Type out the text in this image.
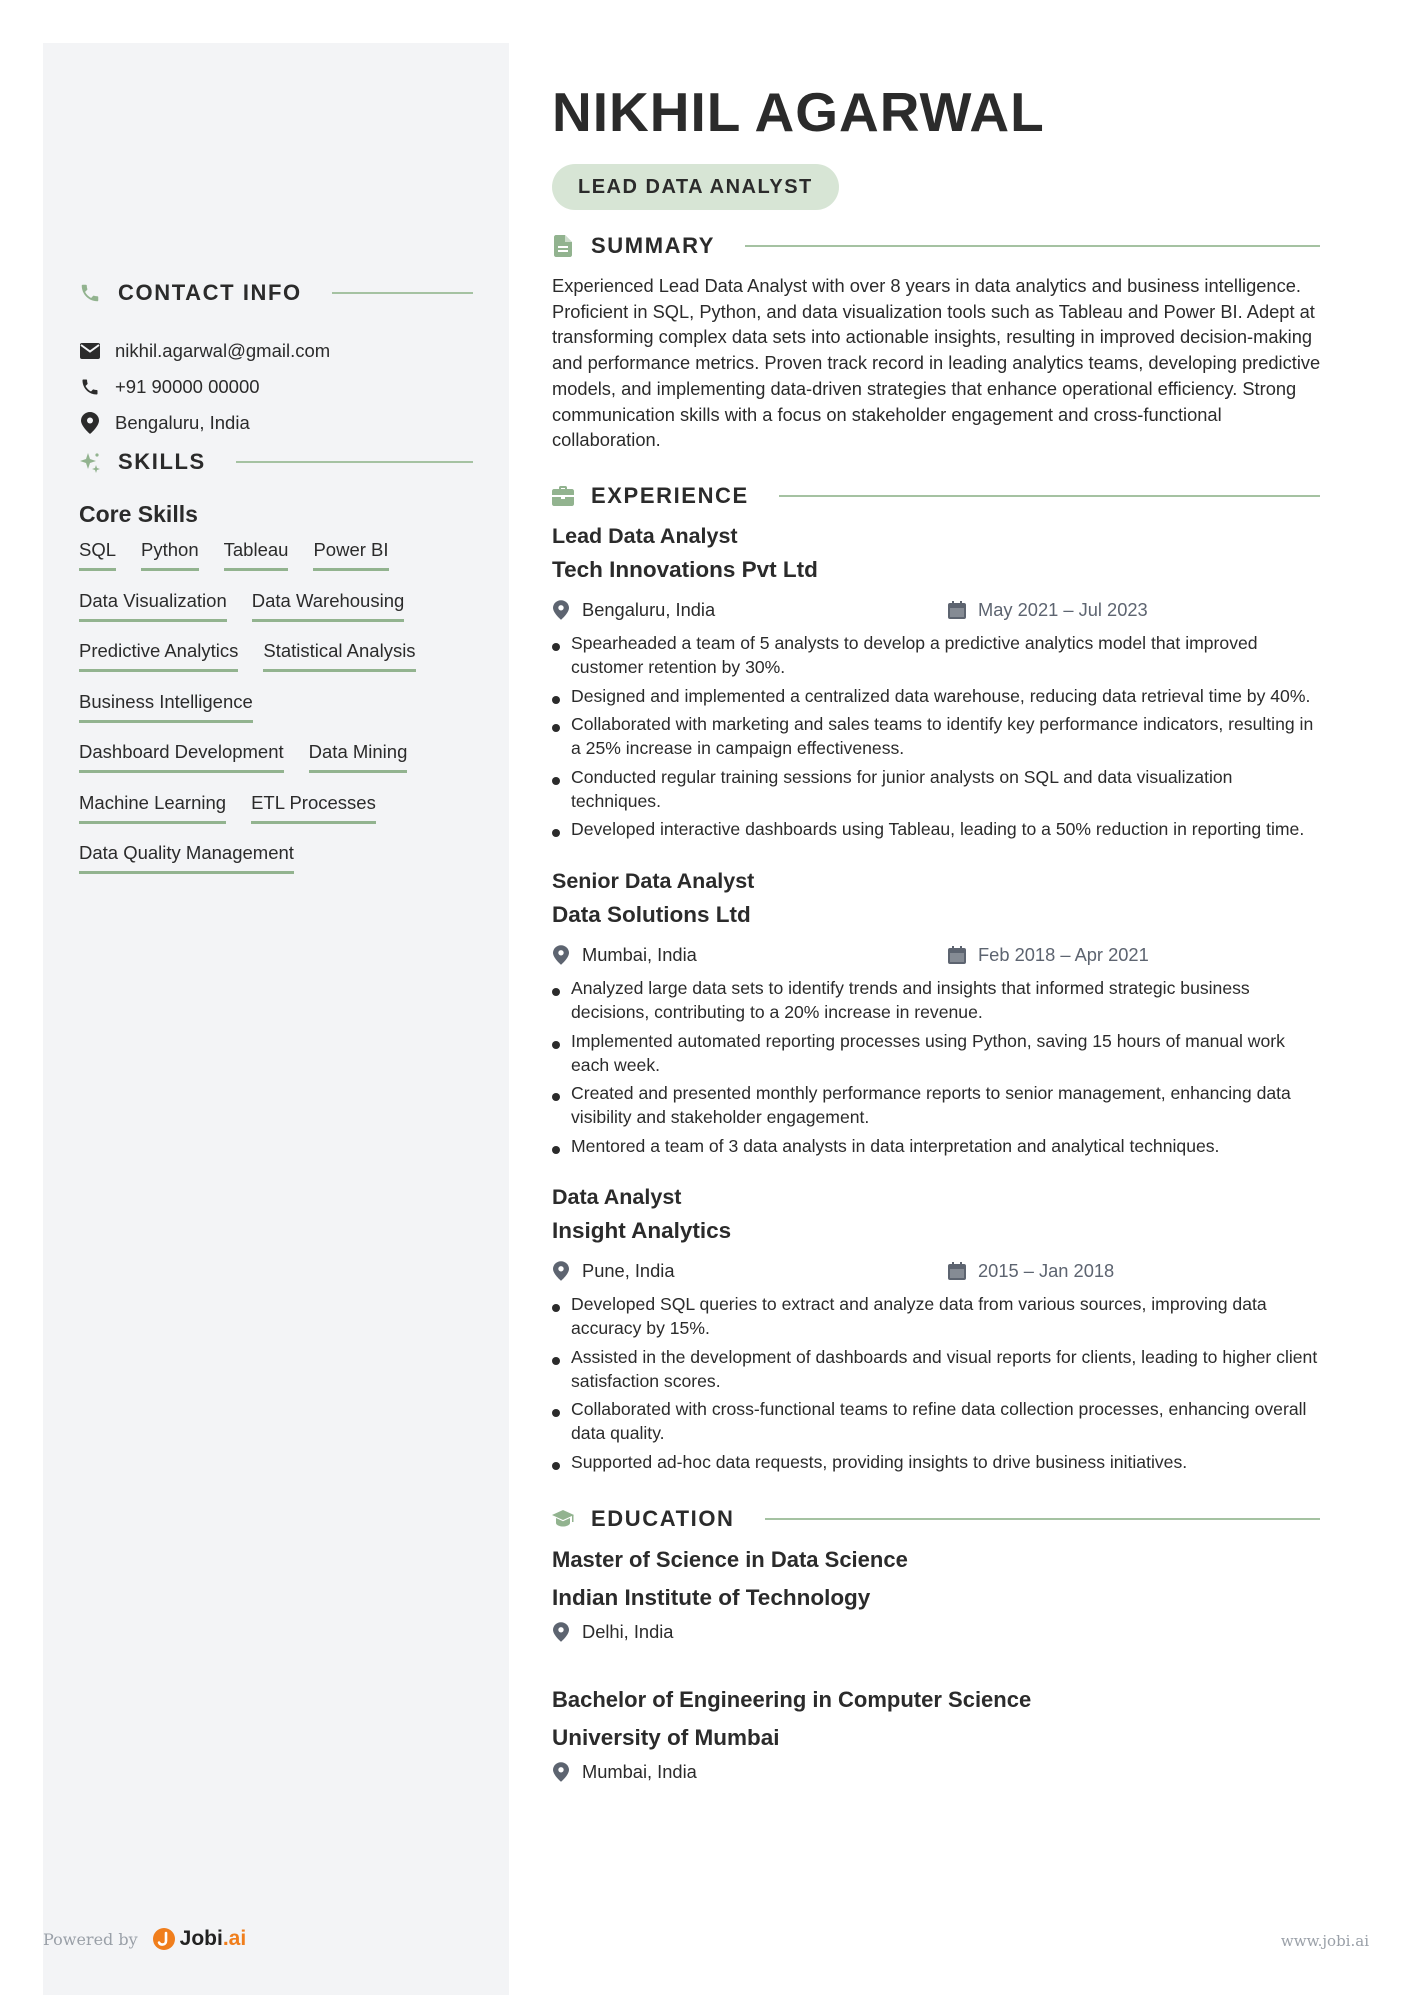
CONTACT INFO
nikhil.agarwal@gmail.com
+91 90000 00000
Bengaluru, India
SKILLS
Core Skills
SQL Python Tableau Power BI
Data Visualization Data Warehousing
Predictive Analytics Statistical Analysis
Business Intelligence
Dashboard Development Data Mining
Machine Learning ETL Processes
Data Quality Management
NIKHIL AGARWAL
LEAD DATA ANALYST
SUMMARY

Experienced Lead Data Analyst with over 8 years in data analytics and business intelligence. Proficient in SQL, Python, and data visualization tools such as Tableau and Power BI. Adept at transforming complex data sets into actionable insights, resulting in improved decision-making and performance metrics. Proven track record in leading analytics teams, developing predictive models, and implementing data-driven strategies that enhance operational efficiency. Strong communication skills with a focus on stakeholder engagement and cross-functional collaboration.

EXPERIENCE
Lead Data Analyst
Tech Innovations Pvt Ltd
Bengaluru, India	May 2021 – Jul 2023
Spearheaded a team of 5 analysts to develop a predictive analytics model that improved customer retention by 30%.
Designed and implemented a centralized data warehouse, reducing data retrieval time by 40%.
Collaborated with marketing and sales teams to identify key performance indicators, resulting in a 25% increase in campaign effectiveness.
Conducted regular training sessions for junior analysts on SQL and data visualization techniques.
Developed interactive dashboards using Tableau, leading to a 50% reduction in reporting time.
Senior Data Analyst
Data Solutions Ltd
Mumbai, India	Feb 2018 – Apr 2021
Analyzed large data sets to identify trends and insights that informed strategic business decisions, contributing to a 20% increase in revenue.
Implemented automated reporting processes using Python, saving 15 hours of manual work each week.
Created and presented monthly performance reports to senior management, enhancing data visibility and stakeholder engagement.
Mentored a team of 3 data analysts in data interpretation and analytical techniques.
Data Analyst
Insight Analytics
Pune, India	2015 – Jan 2018
Developed SQL queries to extract and analyze data from various sources, improving data accuracy by 15%.
Assisted in the development of dashboards and visual reports for clients, leading to higher client satisfaction scores.
Collaborated with cross-functional teams to refine data collection processes, enhancing overall data quality.
Supported ad-hoc data requests, providing insights to drive business initiatives.
EDUCATION
Master of Science in Data Science
Indian Institute of Technology
Delhi, India
Bachelor of Engineering in Computer Science
University of Mumbai
Mumbai, India
Powered by Jobi.ai	www.jobi.ai
